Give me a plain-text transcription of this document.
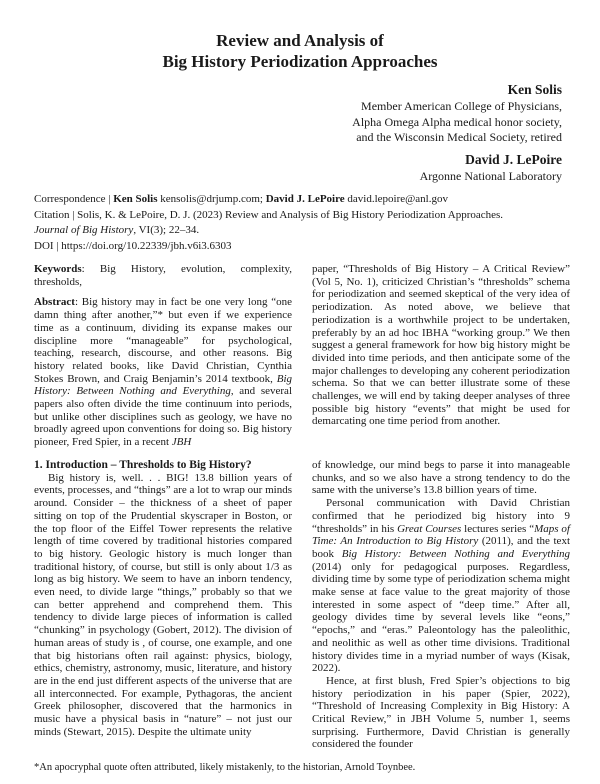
Review and Analysis of
Big History Periodization Approaches
Ken Solis
Member American College of Physicians,
Alpha Omega Alpha medical honor society,
and the Wisconsin Medical Society, retired
David J. LePoire
Argonne National Laboratory
Correspondence | Ken Solis kensolis@drjump.com; David J. LePoire david.lepoire@anl.gov
Citation | Solis, K. & LePoire, D. J. (2023) Review and Analysis of Big History Periodization Approaches.
Journal of Big History, VI(3); 22–34.
DOI | https://doi.org/10.22339/jbh.v6i3.6303

Keywords: Big History, evolution, complexity, thresholds,

Abstract: Big history may in fact be one very long “one damn thing after another,”* but even if we experience time as a continuum, dividing its expanse makes our discipline more “manageable” for psychological, teaching, research, discourse, and other reasons. Big history related books, like David Christian, Cynthia Stokes Brown, and Craig Benjamin’s 2014 textbook, Big History: Between Nothing and Everything, and several papers also often divide the time continuum into periods, but unlike other disciplines such as geology, we have no broadly agreed upon conventions for doing so. Big history pioneer, Fred Spier, in a recent JBH

paper, “Thresholds of Big History – A Critical Review” (Vol 5, No. 1), criticized Christian’s “thresholds” schema for periodization and seemed skeptical of the very idea of periodization. As noted above, we believe that periodization is a worthwhile project to be undertaken, preferably by an ad hoc IBHA “working group.” We then suggest a general framework for how big history might be divided into time periods, and then anticipate some of the major challenges to developing any coherent periodization schema. So that we can better illustrate some of these challenges, we will end by taking deeper analyses of three possible big history “events” that might be used for demarcating one time period from another.

1. Introduction – Thresholds to Big History?

Big history is, well. . . BIG! 13.8 billion years of events, processes, and “things” are a lot to wrap our minds around. Consider – the thickness of a sheet of paper sitting on top of the Prudential skyscraper in Boston, or the top floor of the Eiffel Tower represents the relative length of time covered by traditional histories compared to big history. Geologic history is much longer than traditional history, of course, but still is only about 1/3 as long as big history. We seem to have an inborn tendency, even need, to divide large “things,” probably so that we can better apprehend and comprehend them. This tendency to divide large pieces of information is called “chunking” in psychology (Gobert, 2012). The division of human areas of study is , of course, one example, and one that big historians often rail against: physics, biology, ethics, chemistry, astronomy, music, literature, and history are in the end just different aspects of the universe that are all interconnected. For example, Pythagoras, the ancient Greek philosopher, discovered that the harmonics in music have a physical basis in “nature” – not just our minds (Stewart, 2015). Despite the ultimate unity

of knowledge, our mind begs to parse it into manageable chunks, and so we also have a strong tendency to do the same with the universe’s 13.8 billion years of time.

Personal communication with David Christian confirmed that he periodized big history into 9 “thresholds” in his Great Courses lectures series “Maps of Time: An Introduction to Big History (2011), and the text book Big History: Between Nothing and Everything (2014) only for pedagogical purposes. Regardless, dividing time by some type of periodization schema might make sense at face value to the great majority of those interested in some aspect of “deep time.” After all, geology divides time by several levels like “eons,” “epochs,” and “eras.” Paleontology has the paleolithic, and neolithic as well as other time divisions. Traditional history divides time in a myriad number of ways (Kisak, 2022).

Hence, at first blush, Fred Spier’s objections to big history periodization in his paper (Spier, 2022), “Threshold of Increasing Complexity in Big History: A Critical Review,” in JBH Volume 5, number 1, seems surprising. Furthermore, David Christian is generally considered the founder

*An apocryphal quote often attributed, likely mistakenly, to the historian, Arnold Toynbee.
